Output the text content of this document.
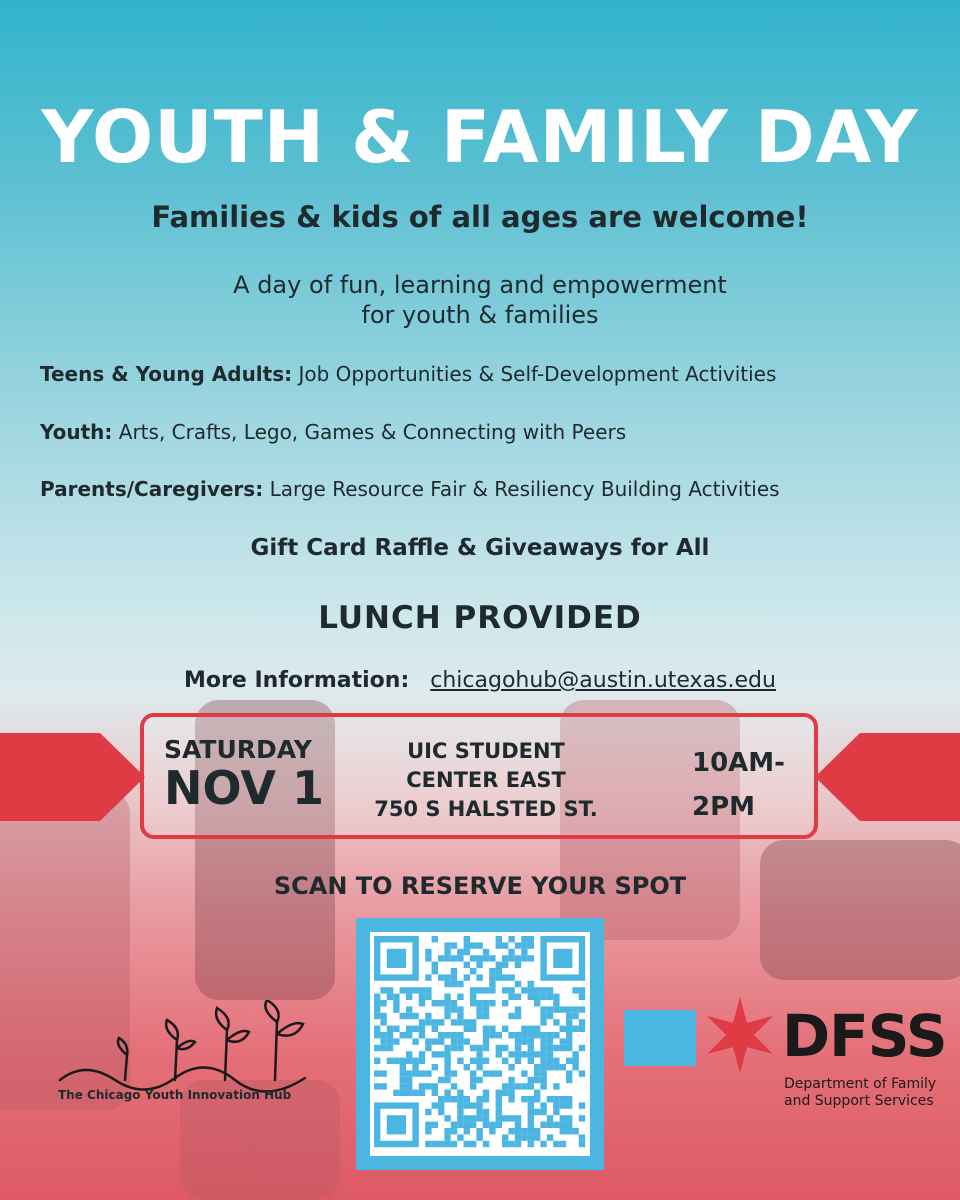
YOUTH & FAMILY DAY
Families & kids of all ages are welcome!
A day of fun, learning and empowerment
for youth & families
Teens & Young Adults: Job Opportunities & Self-Development Activities
Youth: Arts, Crafts, Lego, Games & Connecting with Peers
Parents/Caregivers: Large Resource Fair & Resiliency Building Activities
Gift Card Raffle & Giveaways for All
LUNCH PROVIDED
More Information: chicagohub@austin.utexas.edu
SATURDAY
NOV 1
UIC STUDENT
CENTER EAST
750 S HALSTED ST.
10AM-
2PM
SCAN TO RESERVE YOUR SPOT
The Chicago Youth Innovation Hub
DFSS
Department of Family
and Support Services
